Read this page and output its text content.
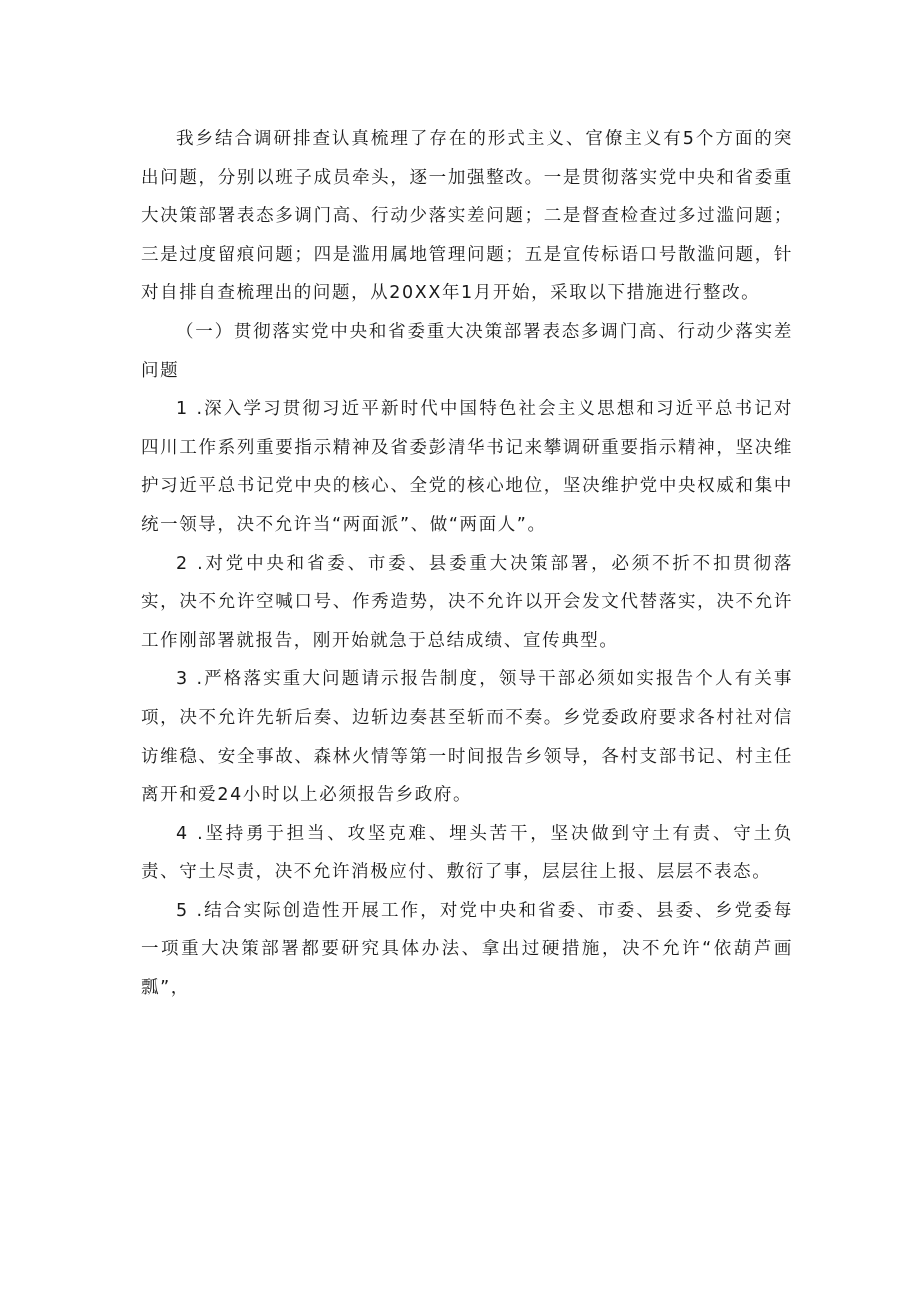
我乡结合调研排查认真梳理了存在的形式主义、官僚主义有5个方面的突出问题，分别以班子成员牵头，逐一加强整改。一是贯彻落实党中央和省委重大决策部署表态多调门高、行动少落实差问题；二是督查检查过多过滥问题；三是过度留痕问题；四是滥用属地管理问题；五是宣传标语口号散滥问题，针对自排自查梳理出的问题，从20XX年1月开始，采取以下措施进行整改。

（一）贯彻落实党中央和省委重大决策部署表态多调门高、行动少落实差问题

1 .深入学习贯彻习近平新时代中国特色社会主义思想和习近平总书记对四川工作系列重要指示精神及省委彭清华书记来攀调研重要指示精神，坚决维护习近平总书记党中央的核心、全党的核心地位，坚决维护党中央权威和集中统一领导，决不允许当“两面派”、做“两面人”。

2 .对党中央和省委、市委、县委重大决策部署，必须不折不扣贯彻落实，决不允许空喊口号、作秀造势，决不允许以开会发文代替落实，决不允许工作刚部署就报告，刚开始就急于总结成绩、宣传典型。

3 .严格落实重大问题请示报告制度，领导干部必须如实报告个人有关事项，决不允许先斩后奏、边斩边奏甚至斩而不奏。乡党委政府要求各村社对信访维稳、安全事故、森林火情等第一时间报告乡领导，各村支部书记、村主任离开和爱24小时以上必须报告乡政府。

4 .坚持勇于担当、攻坚克难、埋头苦干，坚决做到守土有责、守土负责、守土尽责，决不允许消极应付、敷衍了事，层层往上报、层层不表态。

5 .结合实际创造性开展工作，对党中央和省委、市委、县委、乡党委每一项重大决策部署都要研究具体办法、拿出过硬措施，决不允许“依葫芦画瓢”，
